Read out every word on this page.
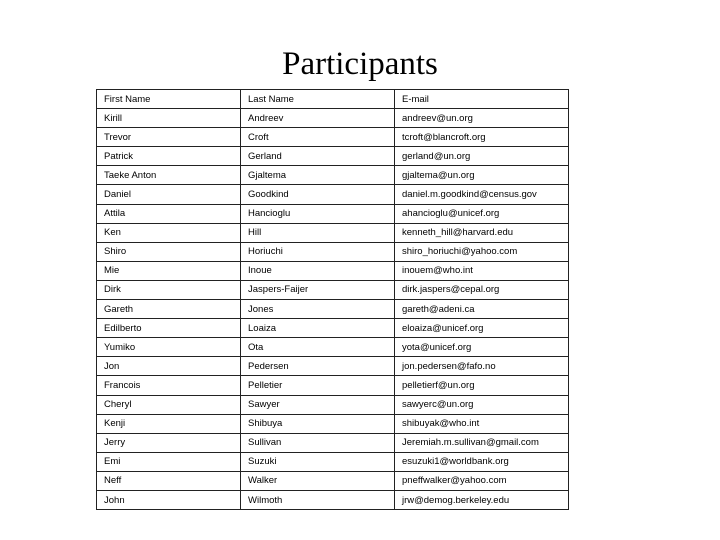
Participants
First Name	Last Name	E-mail
Kirill	Andreev	andreev@un.org
Trevor	Croft	tcroft@blancroft.org
Patrick	Gerland	gerland@un.org
Taeke Anton	Gjaltema	gjaltema@un.org
Daniel	Goodkind	daniel.m.goodkind@census.gov
Attila	Hancioglu	ahancioglu@unicef.org
Ken	Hill	kenneth_hill@harvard.edu
Shiro	Horiuchi	shiro_horiuchi@yahoo.com
Mie	Inoue	inouem@who.int
Dirk	Jaspers-Faijer	dirk.jaspers@cepal.org
Gareth	Jones	gareth@adeni.ca
Edilberto	Loaiza	eloaiza@unicef.org
Yumiko	Ota	yota@unicef.org
Jon	Pedersen	jon.pedersen@fafo.no
Francois	Pelletier	pelletierf@un.org
Cheryl	Sawyer	sawyerc@un.org
Kenji	Shibuya	shibuyak@who.int
Jerry	Sullivan	Jeremiah.m.sullivan@gmail.com
Emi	Suzuki	esuzuki1@worldbank.org
Neff	Walker	pneffwalker@yahoo.com
John	Wilmoth	jrw@demog.berkeley.edu
